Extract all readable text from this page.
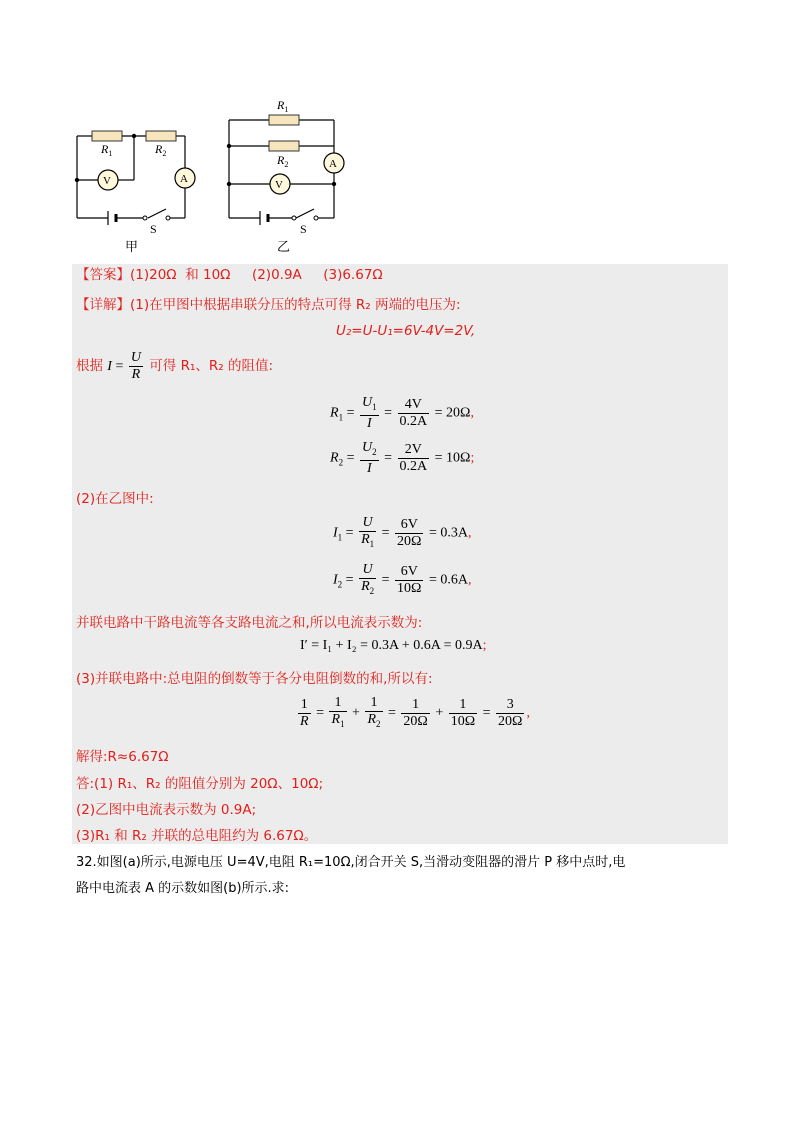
$R_1$	$R_2$
V	A
S
甲
$R_1$
$R_2$
V
A
S
乙
【答案】(1)20Ω  和 10Ω     (2)0.9A     (3)6.67Ω
【详解】(1)在甲图中根据串联分压的特点可得 R₂ 两端的电压为:
U₂=U-U₁=6V-4V=2V,
根据 $I = \frac{U}{R}$ 可得 R₁、R₂ 的阻值:
$R_1 = \frac{U_1}{I} = \frac{4V}{0.2A} = 20\Omega$,
$R_2 = \frac{U_2}{I} = \frac{2V}{0.2A} = 10\Omega$;
(2)在乙图中:
$I_1 = \frac{U}{R_1} = \frac{6V}{20\Omega} = 0.3A$,
$I_2 = \frac{U}{R_2} = \frac{6V}{10\Omega} = 0.6A$,
并联电路中干路电流等各支路电流之和,所以电流表示数为:
I′ = I₁ + I₂ = 0.3A + 0.6A = 0.9A;
(3)并联电路中:总电阻的倒数等于各分电阻倒数的和,所以有:
$\frac{1}{R} = \frac{1}{R_1} + \frac{1}{R_2} = \frac{1}{20\Omega} + \frac{1}{10\Omega} = \frac{3}{20\Omega}$ ,
解得:R≈6.67Ω
答:(1) R₁、R₂ 的阻值分别为 20Ω、10Ω;
(2)乙图中电流表示数为 0.9A;
(3)R₁ 和 R₂ 并联的总电阻约为 6.67Ω。
32.如图(a)所示,电源电压 U=4V,电阻 R₁=10Ω,闭合开关 S,当滑动变阻器的滑片 P 移中点时,电
路中电流表 A 的示数如图(b)所示.求:
